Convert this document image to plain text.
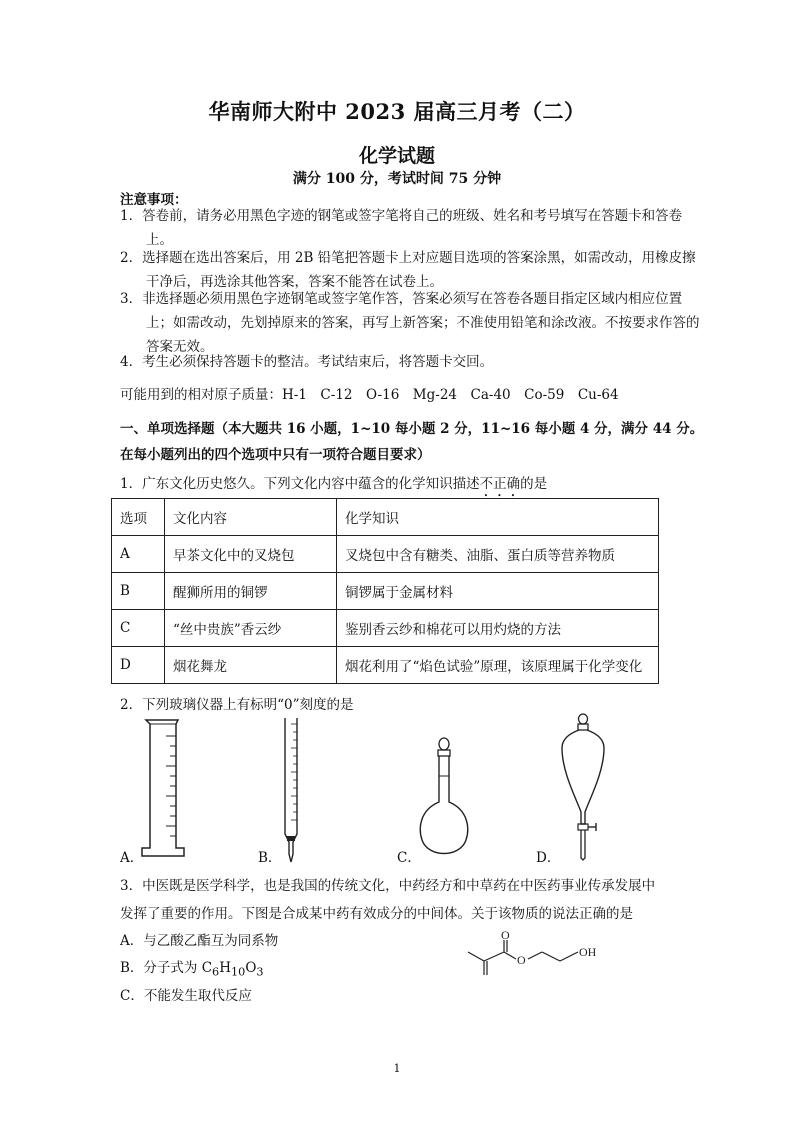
华南师大附中 2023 届高三月考（二）
化学试题
满分 100 分，考试时间 75 分钟
注意事项：
1．答卷前，请务必用黑色字迹的钢笔或签字笔将自己的班级、姓名和考号填写在答题卡和答卷上。
2．选择题在选出答案后，用 2B 铅笔把答题卡上对应题目选项的答案涂黑，如需改动，用橡皮擦干净后，再选涂其他答案，答案不能答在试卷上。
3．非选择题必须用黑色字迹钢笔或签字笔作答，答案必须写在答卷各题目指定区域内相应位置上；如需改动，先划掉原来的答案，再写上新答案；不准使用铅笔和涂改液。不按要求作答的答案无效。
4．考生必须保持答题卡的整洁。考试结束后，将答题卡交回。
可能用到的相对原子质量：H-1　C-12　O-16　Mg-24　Ca-40　Co-59　Cu-64
一、单项选择题（本大题共 16 小题，1~10 每小题 2 分，11~16 每小题 4 分，满分 44 分。
在每小题列出的四个选项中只有一项符合题目要求）
1．广东文化历史悠久。下列文化内容中蕴含的化学知识描述不正确的是
选项	文化内容	化学知识
A	早茶文化中的叉烧包	叉烧包中含有糖类、油脂、蛋白质等营养物质
B	醒狮所用的铜锣	铜锣属于金属材料
C	“丝中贵族”香云纱	鉴别香云纱和棉花可以用灼烧的方法
D	烟花舞龙	烟花利用了“焰色试验”原理，该原理属于化学变化
2．下列玻璃仪器上有标明“0”刻度的是
A．	B．	C．	D．
3．中医既是医学科学，也是我国的传统文化，中药经方和中草药在中医药事业传承发展中
发挥了重要的作用。下图是合成某中药有效成分的中间体。关于该物质的说法正确的是
A．与乙酸乙酯互为同系物
B．分子式为 $C_6H_{10}O_3$
C．不能发生取代反应
O
O
OH
1
